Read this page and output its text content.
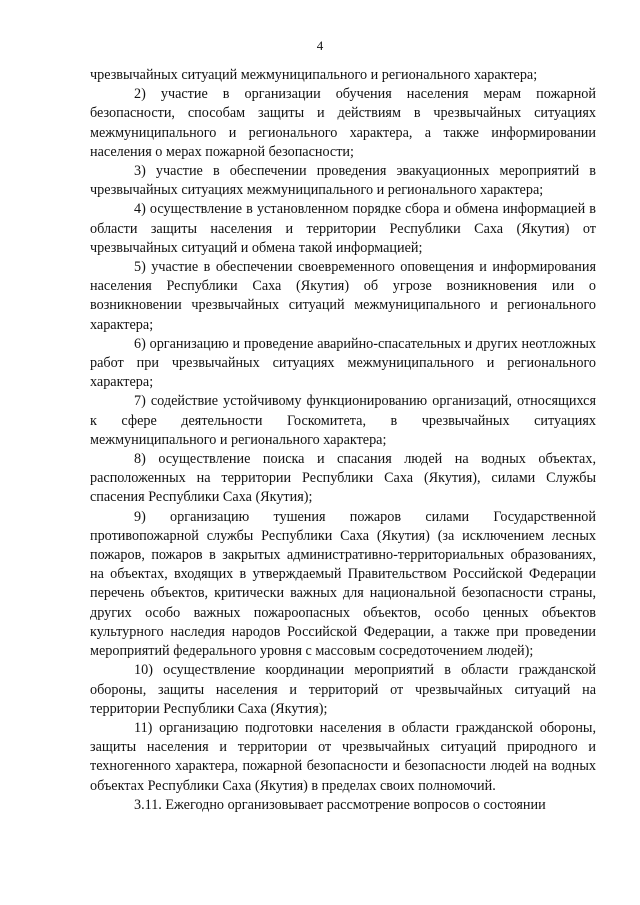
4

чрезвычайных ситуаций межмуниципального и регионального характера;

2) участие в организации обучения населения мерам пожарной безопасности, способам защиты и действиям в чрезвычайных ситуациях межмуниципального и регионального характера, а также информировании населения о мерах пожарной безопасности;

3) участие в обеспечении проведения эвакуационных мероприятий в чрезвычайных ситуациях межмуниципального и регионального характера;

4) осуществление в установленном порядке сбора и обмена информацией в области защиты населения и территории Республики Саха (Якутия) от чрезвычайных ситуаций и обмена такой информацией;

5) участие в обеспечении своевременного оповещения и информирования населения Республики Саха (Якутия) об угрозе возникновения или о возникновении чрезвычайных ситуаций межмуниципального и регионального характера;

6) организацию и проведение аварийно-спасательных и других неотложных работ при чрезвычайных ситуациях межмуниципального и регионального характера;

7) содействие устойчивому функционированию организаций, относящихся к сфере деятельности Госкомитета, в чрезвычайных ситуациях межмуниципального и регионального характера;

8) осуществление поиска и спасания людей на водных объектах, расположенных на территории Республики Саха (Якутия), силами Службы спасения Республики Саха (Якутия);

9) организацию тушения пожаров силами Государственной противопожарной службы Республики Саха (Якутия) (за исключением лесных пожаров, пожаров в закрытых административно-территориальных образованиях, на объектах, входящих в утверждаемый Правительством Российской Федерации перечень объектов, критически важных для национальной безопасности страны, других особо важных пожароопасных объектов, особо ценных объектов культурного наследия народов Российской Федерации, а также при проведении мероприятий федерального уровня с массовым сосредоточением людей);

10) осуществление координации мероприятий в области гражданской обороны, защиты населения и территорий от чрезвычайных ситуаций на территории Республики Саха (Якутия);

11) организацию подготовки населения в области гражданской обороны, защиты населения и территории от чрезвычайных ситуаций природного и техногенного характера, пожарной безопасности и безопасности людей на водных объектах Республики Саха (Якутия) в пределах своих полномочий.

3.11. Ежегодно организовывает рассмотрение вопросов о состоянии
